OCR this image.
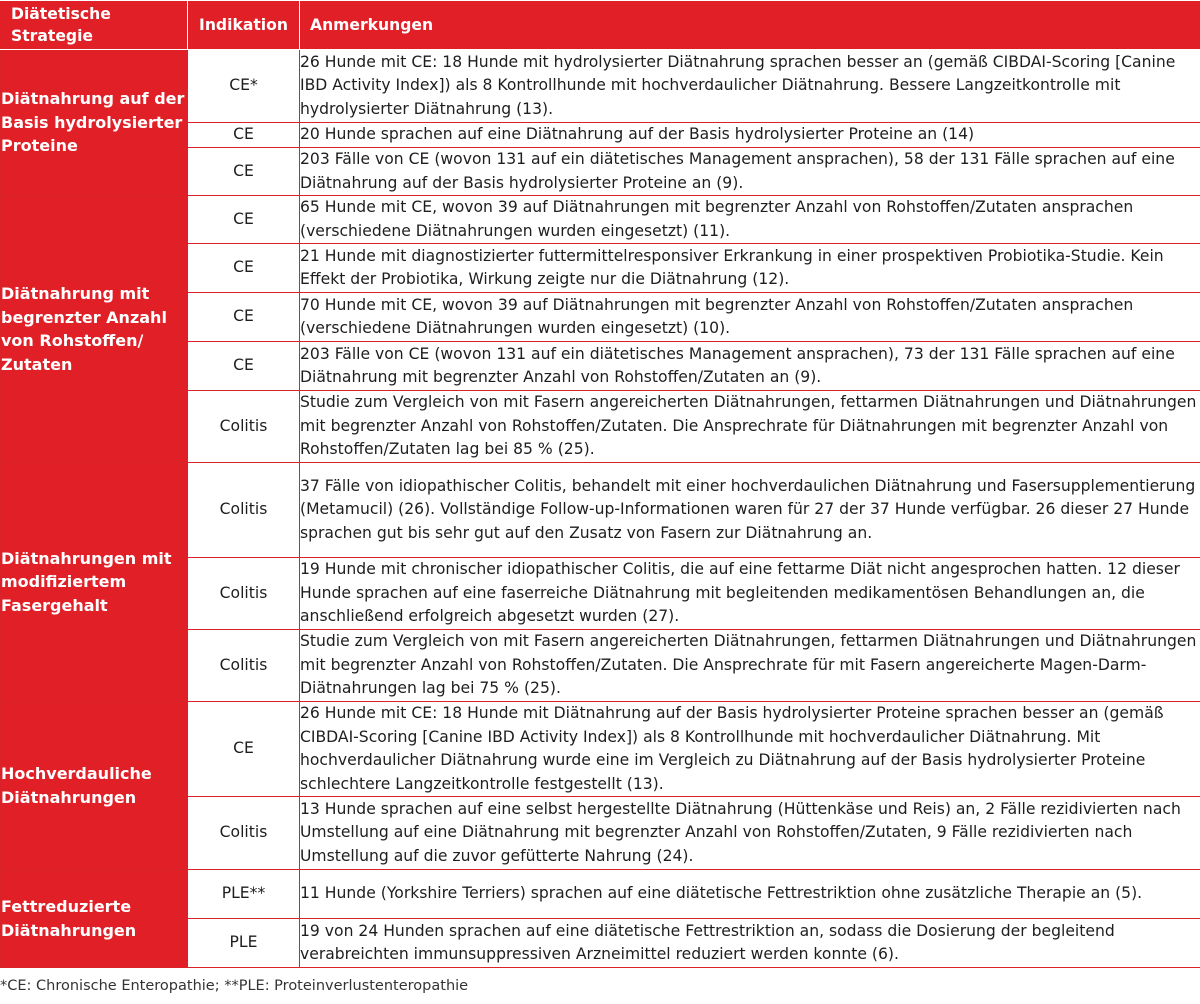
Diätetische Strategie	Indikation	Anmerkungen
Diätnahrung auf der Basis hydrolysierter Proteine	CE*	26 Hunde mit CE: 18 Hunde mit hydrolysierter Diätnahrung sprachen besser an (gemäß CIBDAI-Scoring [Canine IBD Activity Index]) als 8 Kontrollhunde mit hochverdaulicher Diätnahrung. Bessere Langzeitkontrolle mit hydrolysierter Diätnahrung (13).
	CE	20 Hunde sprachen auf eine Diätnahrung auf der Basis hydrolysierter Proteine an (14)
	CE	203 Fälle von CE (wovon 131 auf ein diätetisches Management ansprachen), 58 der 131 Fälle sprachen auf eine Diätnahrung auf der Basis hydrolysierter Proteine an (9).
Diätnahrung mit begrenzter Anzahl von Rohstoffen/ Zutaten	CE	65 Hunde mit CE, wovon 39 auf Diätnahrungen mit begrenzter Anzahl von Rohstoffen/Zutaten ansprachen (verschiedene Diätnahrungen wurden eingesetzt) (11).
	CE	21 Hunde mit diagnostizierter futtermittelresponsiver Erkrankung in einer prospektiven Probiotika-Studie. Kein Effekt der Probiotika, Wirkung zeigte nur die Diätnahrung (12).
	CE	70 Hunde mit CE, wovon 39 auf Diätnahrungen mit begrenzter Anzahl von Rohstoffen/Zutaten ansprachen (verschiedene Diätnahrungen wurden eingesetzt) (10).
	CE	203 Fälle von CE (wovon 131 auf ein diätetisches Management ansprachen), 73 der 131 Fälle sprachen auf eine Diätnahrung mit begrenzter Anzahl von Rohstoffen/Zutaten an (9).
	Colitis	Studie zum Vergleich von mit Fasern angereicherten Diätnahrungen, fettarmen Diätnahrungen und Diätnahrungen mit begrenzter Anzahl von Rohstoffen/Zutaten. Die Ansprechrate für Diätnahrungen mit begrenzter Anzahl von Rohstoffen/Zutaten lag bei 85 % (25).
Diätnahrungen mit modifiziertem Fasergehalt	Colitis	37 Fälle von idiopathischer Colitis, behandelt mit einer hochverdaulichen Diätnahrung und Fasersupplementierung (Metamucil) (26). Vollständige Follow-up-Informationen waren für 27 der 37 Hunde verfügbar. 26 dieser 27 Hunde sprachen gut bis sehr gut auf den Zusatz von Fasern zur Diätnahrung an.
	Colitis	19 Hunde mit chronischer idiopathischer Colitis, die auf eine fettarme Diät nicht angesprochen hatten. 12 dieser Hunde sprachen auf eine faserreiche Diätnahrung mit begleitenden medikamentösen Behandlungen an, die anschließend erfolgreich abgesetzt wurden (27).
	Colitis	Studie zum Vergleich von mit Fasern angereicherten Diätnahrungen, fettarmen Diätnahrungen und Diätnahrungen mit begrenzter Anzahl von Rohstoffen/Zutaten. Die Ansprechrate für mit Fasern angereicherte Magen-Darm-Diätnahrungen lag bei 75 % (25).
Hochverdauliche Diätnahrungen	CE	26 Hunde mit CE: 18 Hunde mit Diätnahrung auf der Basis hydrolysierter Proteine sprachen besser an (gemäß CIBDAI-Scoring [Canine IBD Activity Index]) als 8 Kontrollhunde mit hochverdaulicher Diätnahrung. Mit hochverdaulicher Diätnahrung wurde eine im Vergleich zu Diätnahrung auf der Basis hydrolysierter Proteine schlechtere Langzeitkontrolle festgestellt (13).
	Colitis	13 Hunde sprachen auf eine selbst hergestellte Diätnahrung (Hüttenkäse und Reis) an, 2 Fälle rezidivierten nach Umstellung auf eine Diätnahrung mit begrenzter Anzahl von Rohstoffen/Zutaten, 9 Fälle rezidivierten nach Umstellung auf die zuvor gefütterte Nahrung (24).
Fettreduzierte Diätnahrungen	PLE**	11 Hunde (Yorkshire Terriers) sprachen auf eine diätetische Fettrestriktion ohne zusätzliche Therapie an (5).
	PLE	19 von 24 Hunden sprachen auf eine diätetische Fettrestriktion an, sodass die Dosierung der begleitend verabreichten immunsuppressiven Arzneimittel reduziert werden konnte (6).
*CE: Chronische Enteropathie; **PLE: Proteinverlustenteropathie
